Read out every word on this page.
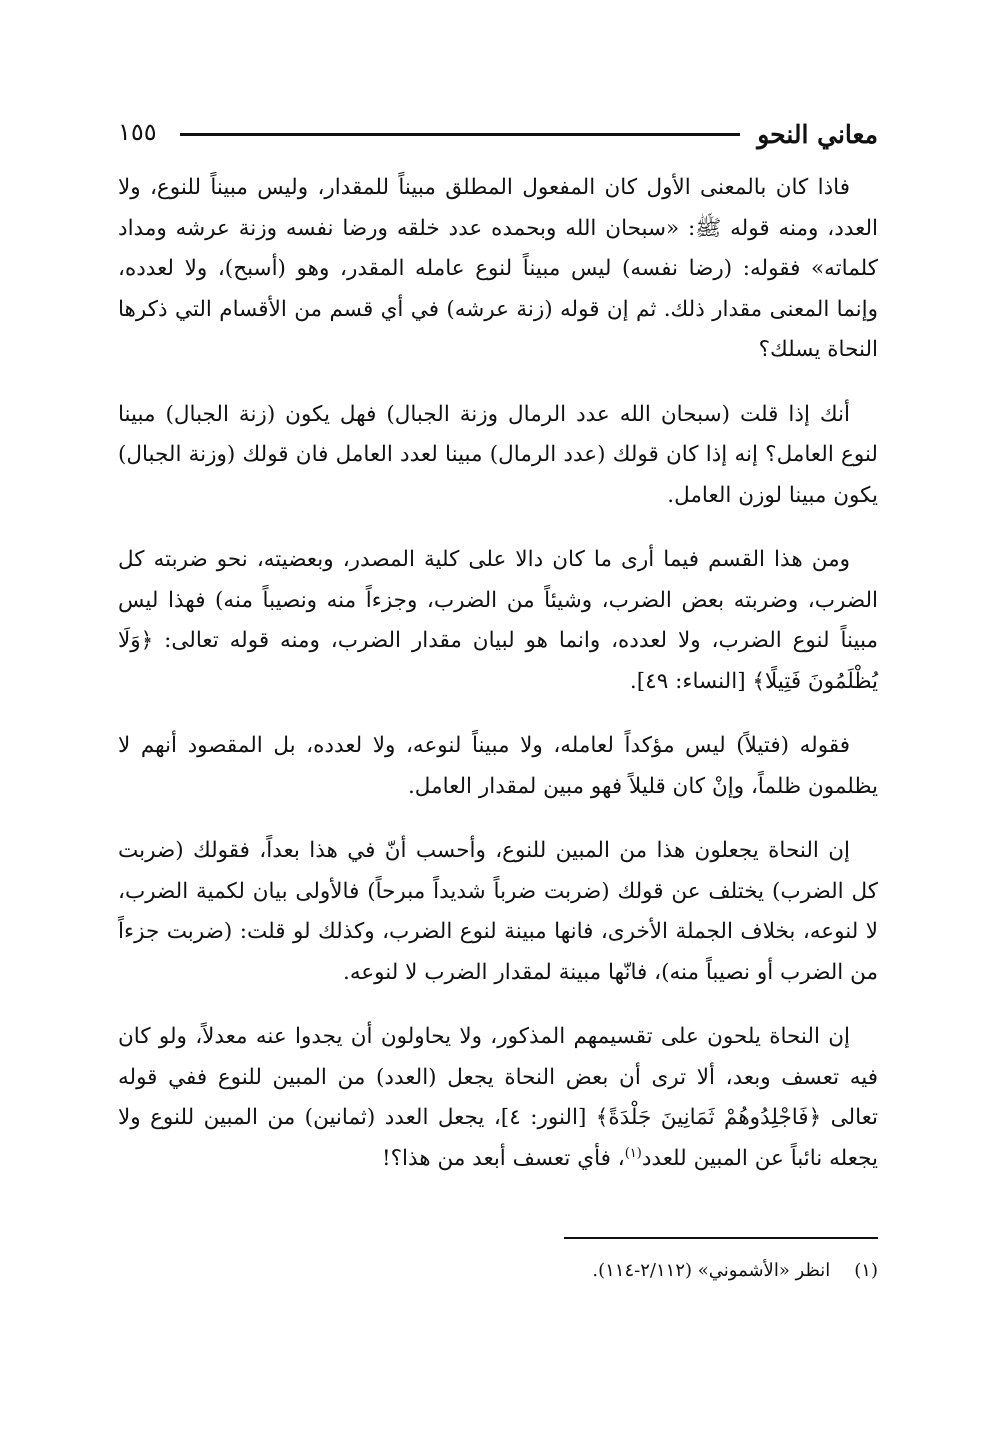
معاني النحو
١٥٥

فاذا كان بالمعنى الأول كان المفعول المطلق مبيناً للمقدار، وليس مبيناً للنوع، ولا العدد، ومنه قوله ﷺ: «سبحان الله وبحمده عدد خلقه ورضا نفسه وزنة عرشه ومداد كلماته» فقوله: (رضا نفسه) ليس مبيناً لنوع عامله المقدر، وهو (أسبح)، ولا لعدده، وإنما المعنى مقدار ذلك. ثم إن قوله (زنة عرشه) في أي قسم من الأقسام التي ذكرها النحاة يسلك؟

أنك إذا قلت (سبحان الله عدد الرمال وزنة الجبال) فهل يكون (زنة الجبال) مبينا لنوع العامل؟ إنه إذا كان قولك (عدد الرمال) مبينا لعدد العامل فان قولك (وزنة الجبال) يكون مبينا لوزن العامل.

ومن هذا القسم فيما أرى ما كان دالا على كلية المصدر، وبعضيته، نحو ضربته كل الضرب، وضربته بعض الضرب، وشيئاً من الضرب، وجزءاً منه ونصيباً منه) فهذا ليس مبيناً لنوع الضرب، ولا لعدده، وانما هو لبيان مقدار الضرب، ومنه قوله تعالى: ﴿وَلَا يُظْلَمُونَ فَتِيلًا﴾ [النساء: ٤٩].

فقوله (فتيلاً) ليس مؤكداً لعامله، ولا مبيناً لنوعه، ولا لعدده، بل المقصود أنهم لا يظلمون ظلماً، وإنْ كان قليلاً فهو مبين لمقدار العامل.

إن النحاة يجعلون هذا من المبين للنوع، وأحسب أنّ في هذا بعداً، فقولك (ضربت كل الضرب) يختلف عن قولك (ضربت ضرباً شديداً مبرحاً) فالأولى بيان لكمية الضرب، لا لنوعه، بخلاف الجملة الأخرى، فانها مبينة لنوع الضرب، وكذلك لو قلت: (ضربت جزءاً من الضرب أو نصيباً منه)، فانّها مبينة لمقدار الضرب لا لنوعه.

إن النحاة يلحون على تقسيمهم المذكور، ولا يحاولون أن يجدوا عنه معدلاً، ولو كان فيه تعسف وبعد، ألا ترى أن بعض النحاة يجعل (العدد) من المبين للنوع ففي قوله تعالى ﴿فَاجْلِدُوهُمْ ثَمَانِينَ جَلْدَةً﴾ [النور: ٤]، يجعل العدد (ثمانين) من المبين للنوع ولا يجعله نائباً عن المبين للعدد$^{(١)}$، فأي تعسف أبعد من هذا؟!

(١)انظر «الأشموني» (٢/١١٢-١١٤).
